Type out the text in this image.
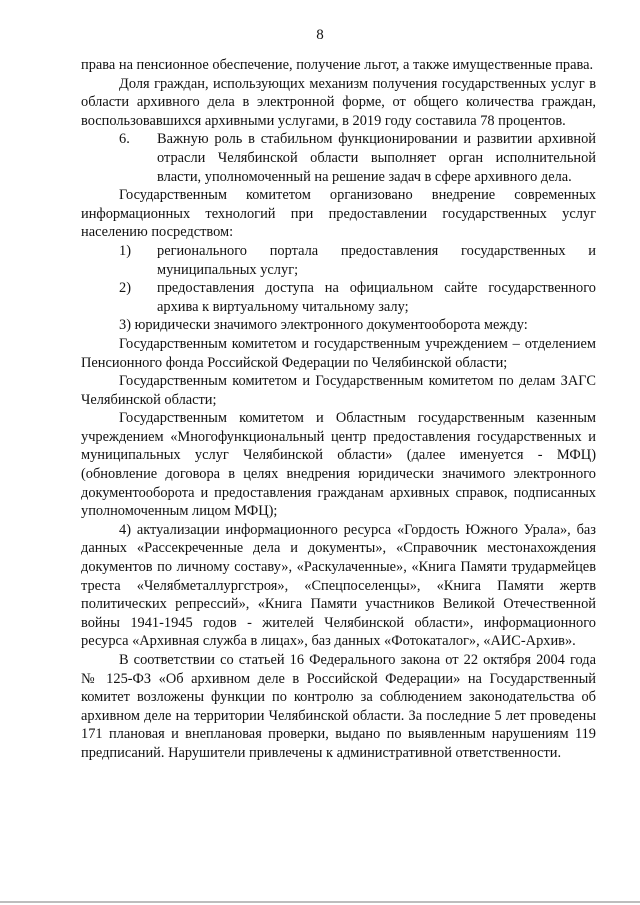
8

права на пенсионное обеспечение, получение льгот, а также имущественные права.

Доля граждан, использующих механизм получения государственных услуг в области архивного дела в электронной форме, от общего количества граждан, воспользовавшихся архивными услугами, в 2019 году составила 78 процентов.

6.	Важную роль в стабильном функционировании и развитии архивной отрасли Челябинской области выполняет орган исполнительной власти, уполномоченный на решение задач в сфере архивного дела.

Государственным комитетом организовано внедрение современных информационных технологий при предоставлении государственных услуг населению посредством:

1)	регионального портала предоставления государственных и муниципальных услуг;
2)	предоставления доступа на официальном сайте государственного архива к виртуальному читальному залу;

3) юридически значимого электронного документооборота между:

Государственным комитетом и государственным учреждением – отделением Пенсионного фонда Российской Федерации по Челябинской области;

Государственным комитетом и Государственным комитетом по делам ЗАГС Челябинской области;

Государственным комитетом и Областным государственным казенным учреждением «Многофункциональный центр предоставления государственных и муниципальных услуг Челябинской области» (далее именуется - МФЦ) (обновление договора в целях внедрения юридически значимого электронного документооборота и предоставления гражданам архивных справок, подписанных уполномоченным лицом МФЦ);

4) актуализации информационного ресурса «Гордость Южного Урала», баз данных «Рассекреченные дела и документы», «Справочник местонахождения документов по личному составу», «Раскулаченные», «Книга Памяти трудармейцев треста «Челябметаллургстроя», «Спецпоселенцы», «Книга Памяти жертв политических репрессий», «Книга Памяти участников Великой Отечественной войны 1941-1945 годов - жителей Челябинской области», информационного ресурса «Архивная служба в лицах», баз данных «Фотокаталог», «АИС-Архив».

В соответствии со статьей 16 Федерального закона от 22 октября 2004 года № 125-ФЗ «Об архивном деле в Российской Федерации» на Государственный комитет возложены функции по контролю за соблюдением законодательства об архивном деле на территории Челябинской области. За последние 5 лет проведены 171 плановая и внеплановая проверки, выдано по выявленным нарушениям 119 предписаний. Нарушители привлечены к административной ответственности.
